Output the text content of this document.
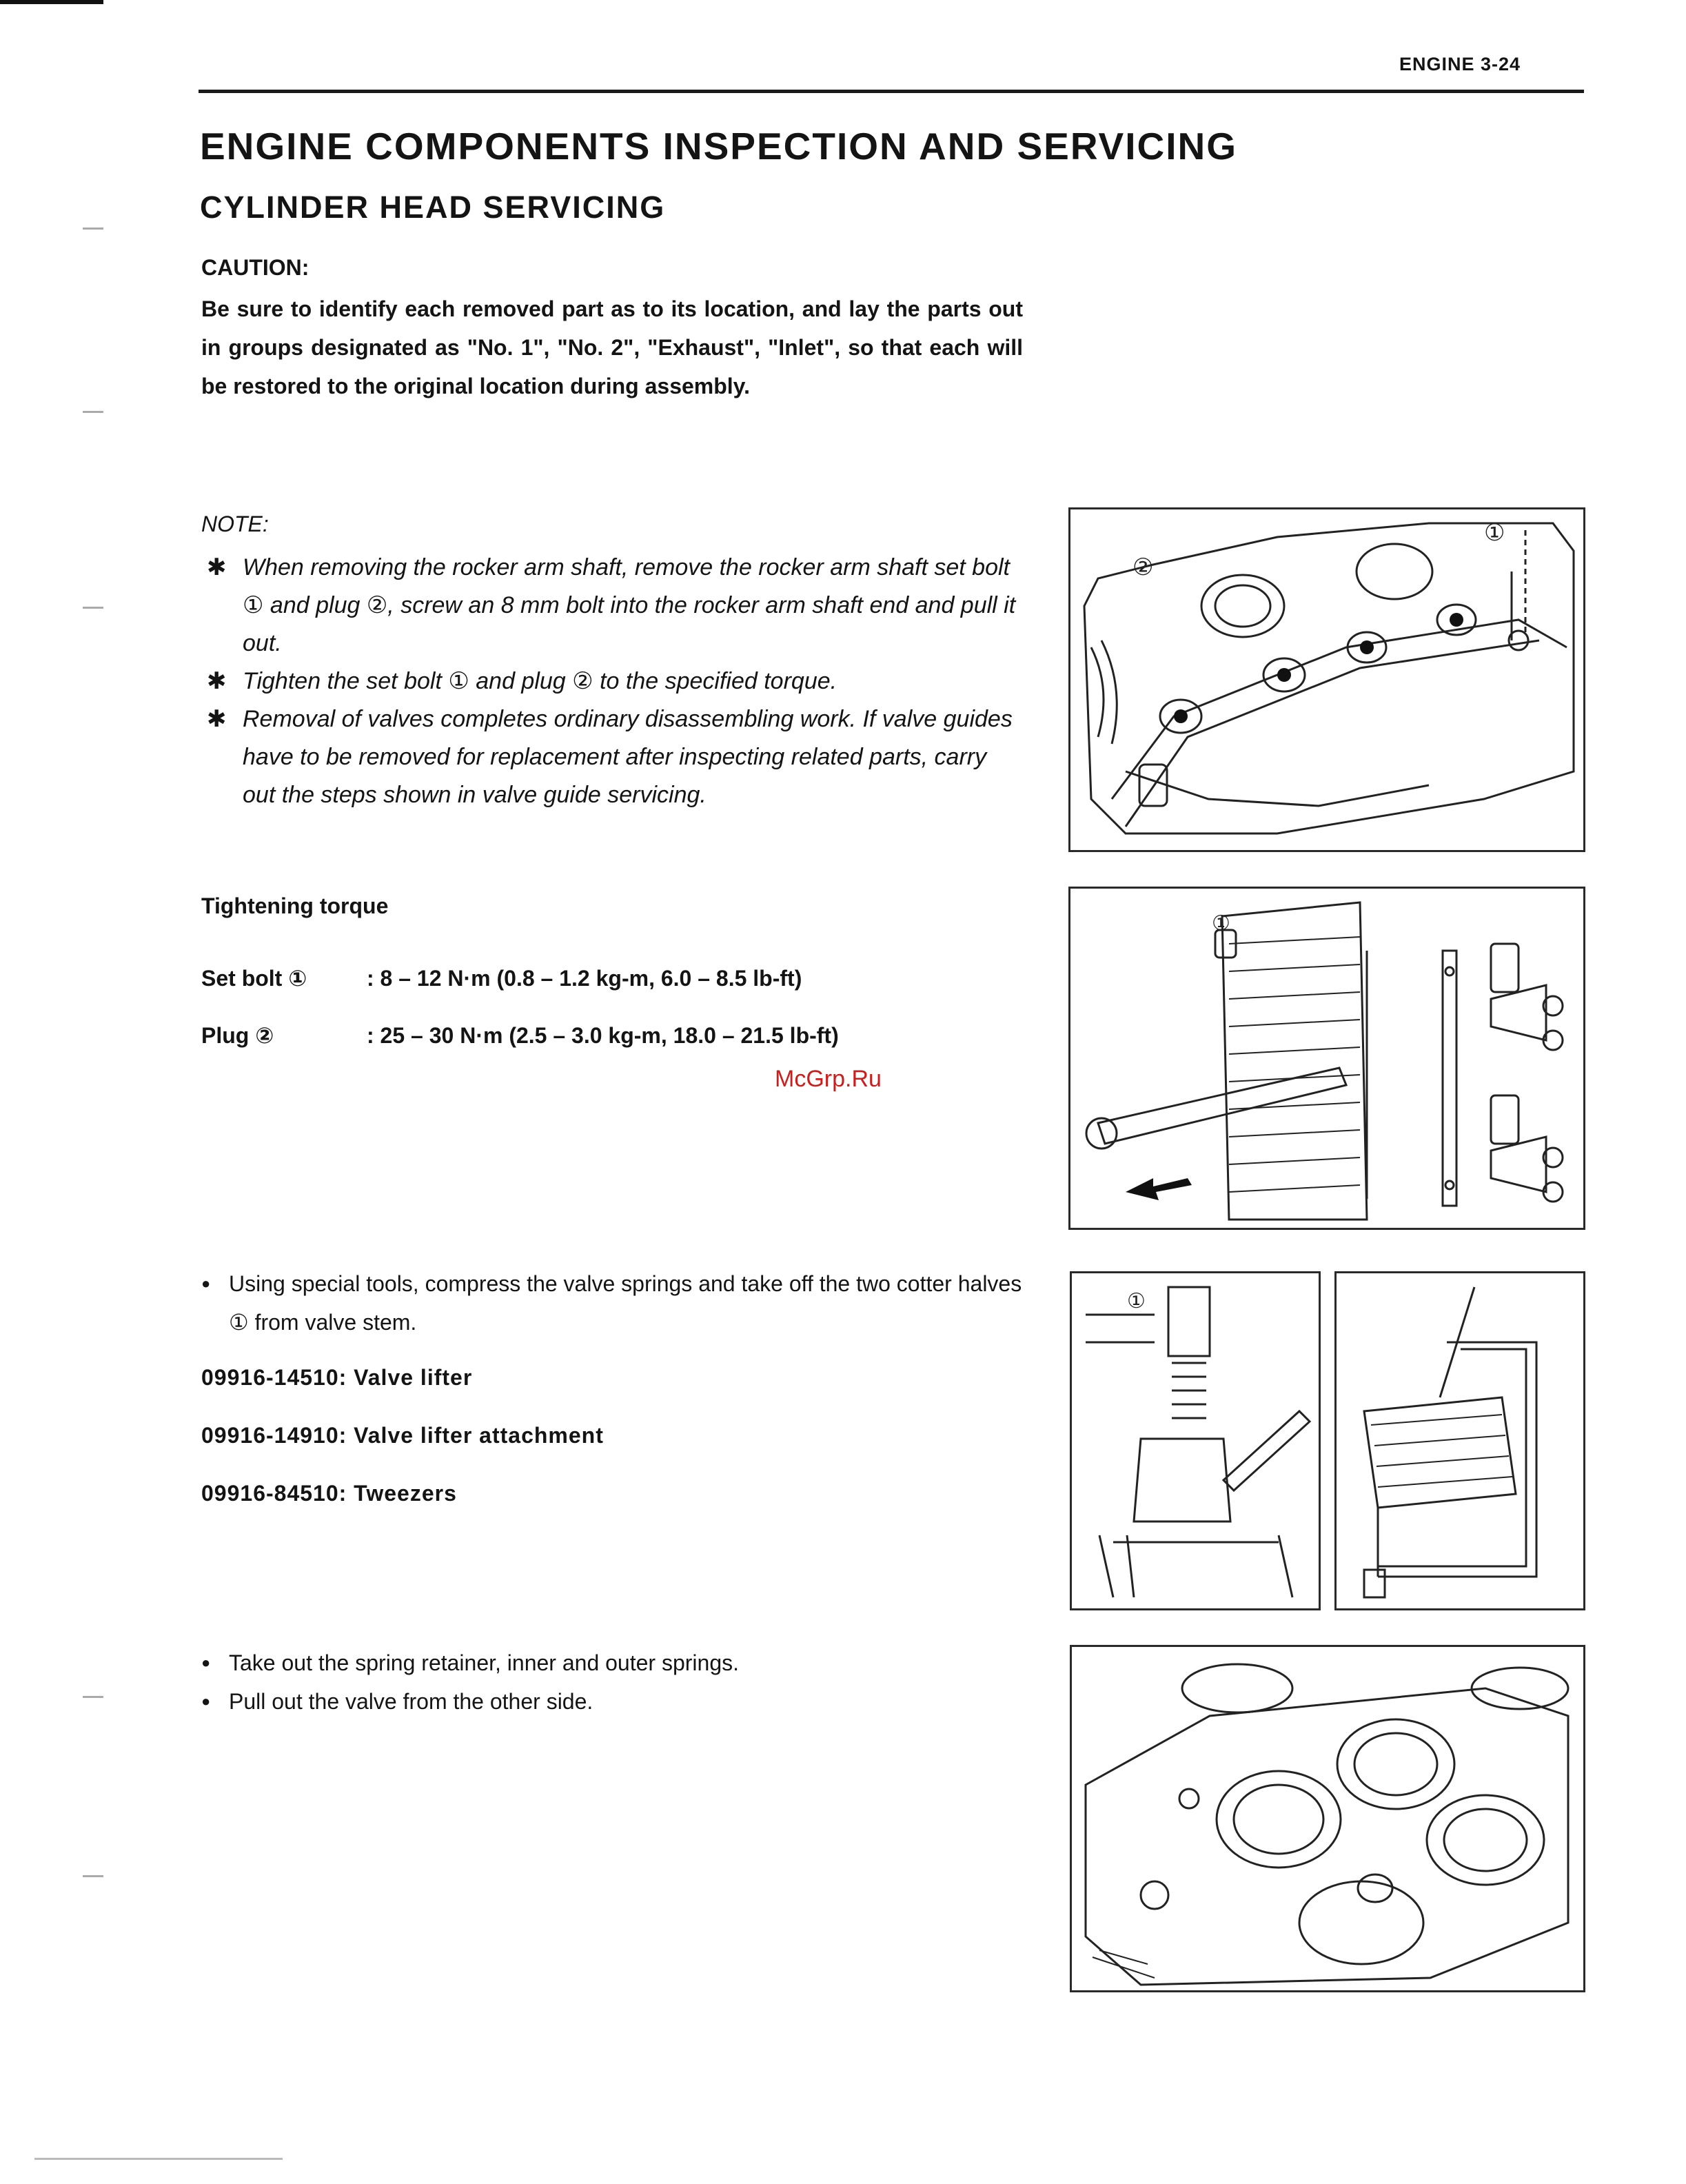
ENGINE 3-24
ENGINE COMPONENTS INSPECTION AND SERVICING
CYLINDER HEAD SERVICING
CAUTION:
Be sure to identify each removed part as to its location, and lay the parts out in groups designated as "No. 1", "No. 2", "Exhaust", "Inlet", so that each will be restored to the original location during assembly.
NOTE:
✱ When removing the rocker arm shaft, remove the rocker arm shaft set bolt ① and plug ②, screw an 8 mm bolt into the rocker arm shaft end and pull it out.
✱ Tighten the set bolt ① and plug ② to the specified torque.
✱ Removal of valves completes ordinary disassembling work. If valve guides have to be removed for replacement after inspecting related parts, carry out the steps shown in valve guide servicing.
Tightening torque
Set bolt ①	: 8 – 12 N·m (0.8 – 1.2 kg-m, 6.0 – 8.5 lb-ft)
Plug ②	: 25 – 30 N·m (2.5 – 3.0 kg-m, 18.0 – 21.5 lb-ft)
McGrp.Ru
● Using special tools, compress the valve springs and take off the two cotter halves ① from valve stem.
09916-14510: Valve lifter
09916-14910: Valve lifter attachment
09916-84510: Tweezers
● Take out the spring retainer, inner and outer springs.
● Pull out the valve from the other side.
②
①
①
①
